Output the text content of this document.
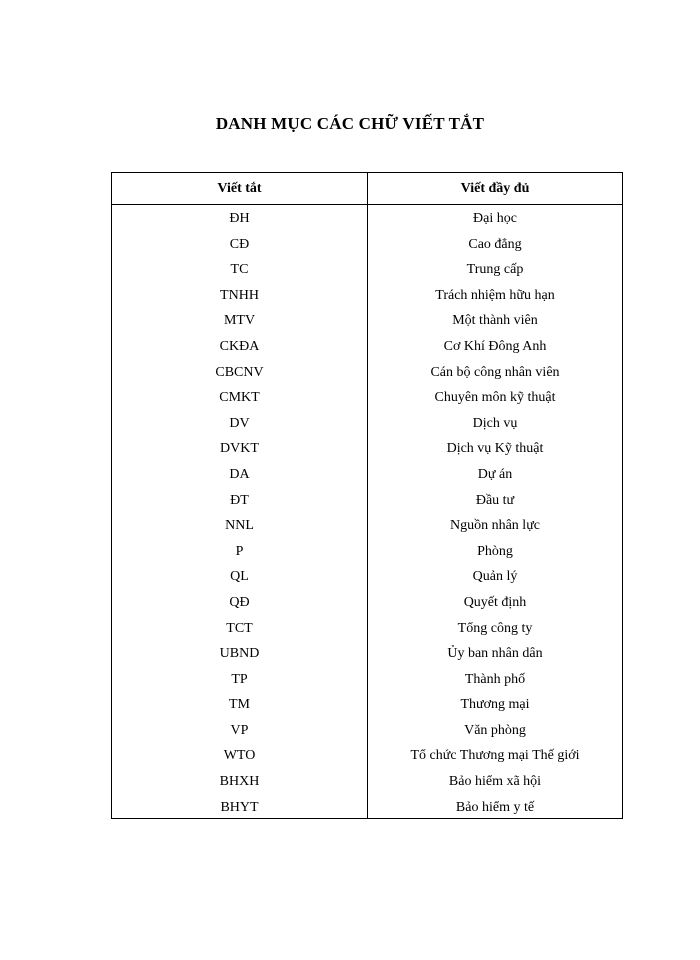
DANH MỤC CÁC CHỮ VIẾT TẮT
Viết tắt	Viết đầy đủ
ĐH
CĐ
TC
TNHH
MTV
CKĐA
CBCNV
CMKT
DV
DVKT
DA
ĐT
NNL
P
QL
QĐ
TCT
UBND
TP
TM
VP
WTO
BHXH
BHYT
Đại học
Cao đẳng
Trung cấp
Trách nhiệm hữu hạn
Một thành viên
Cơ Khí Đông Anh
Cán bộ công nhân viên
Chuyên môn kỹ thuật
Dịch vụ
Dịch vụ Kỹ thuật
Dự án
Đầu tư
Nguồn nhân lực
Phòng
Quản lý
Quyết định
Tổng công ty
Ủy ban nhân dân
Thành phố
Thương mại
Văn phòng
Tổ chức Thương mại Thế giới
Bảo hiểm xã hội
Bảo hiểm y tế
